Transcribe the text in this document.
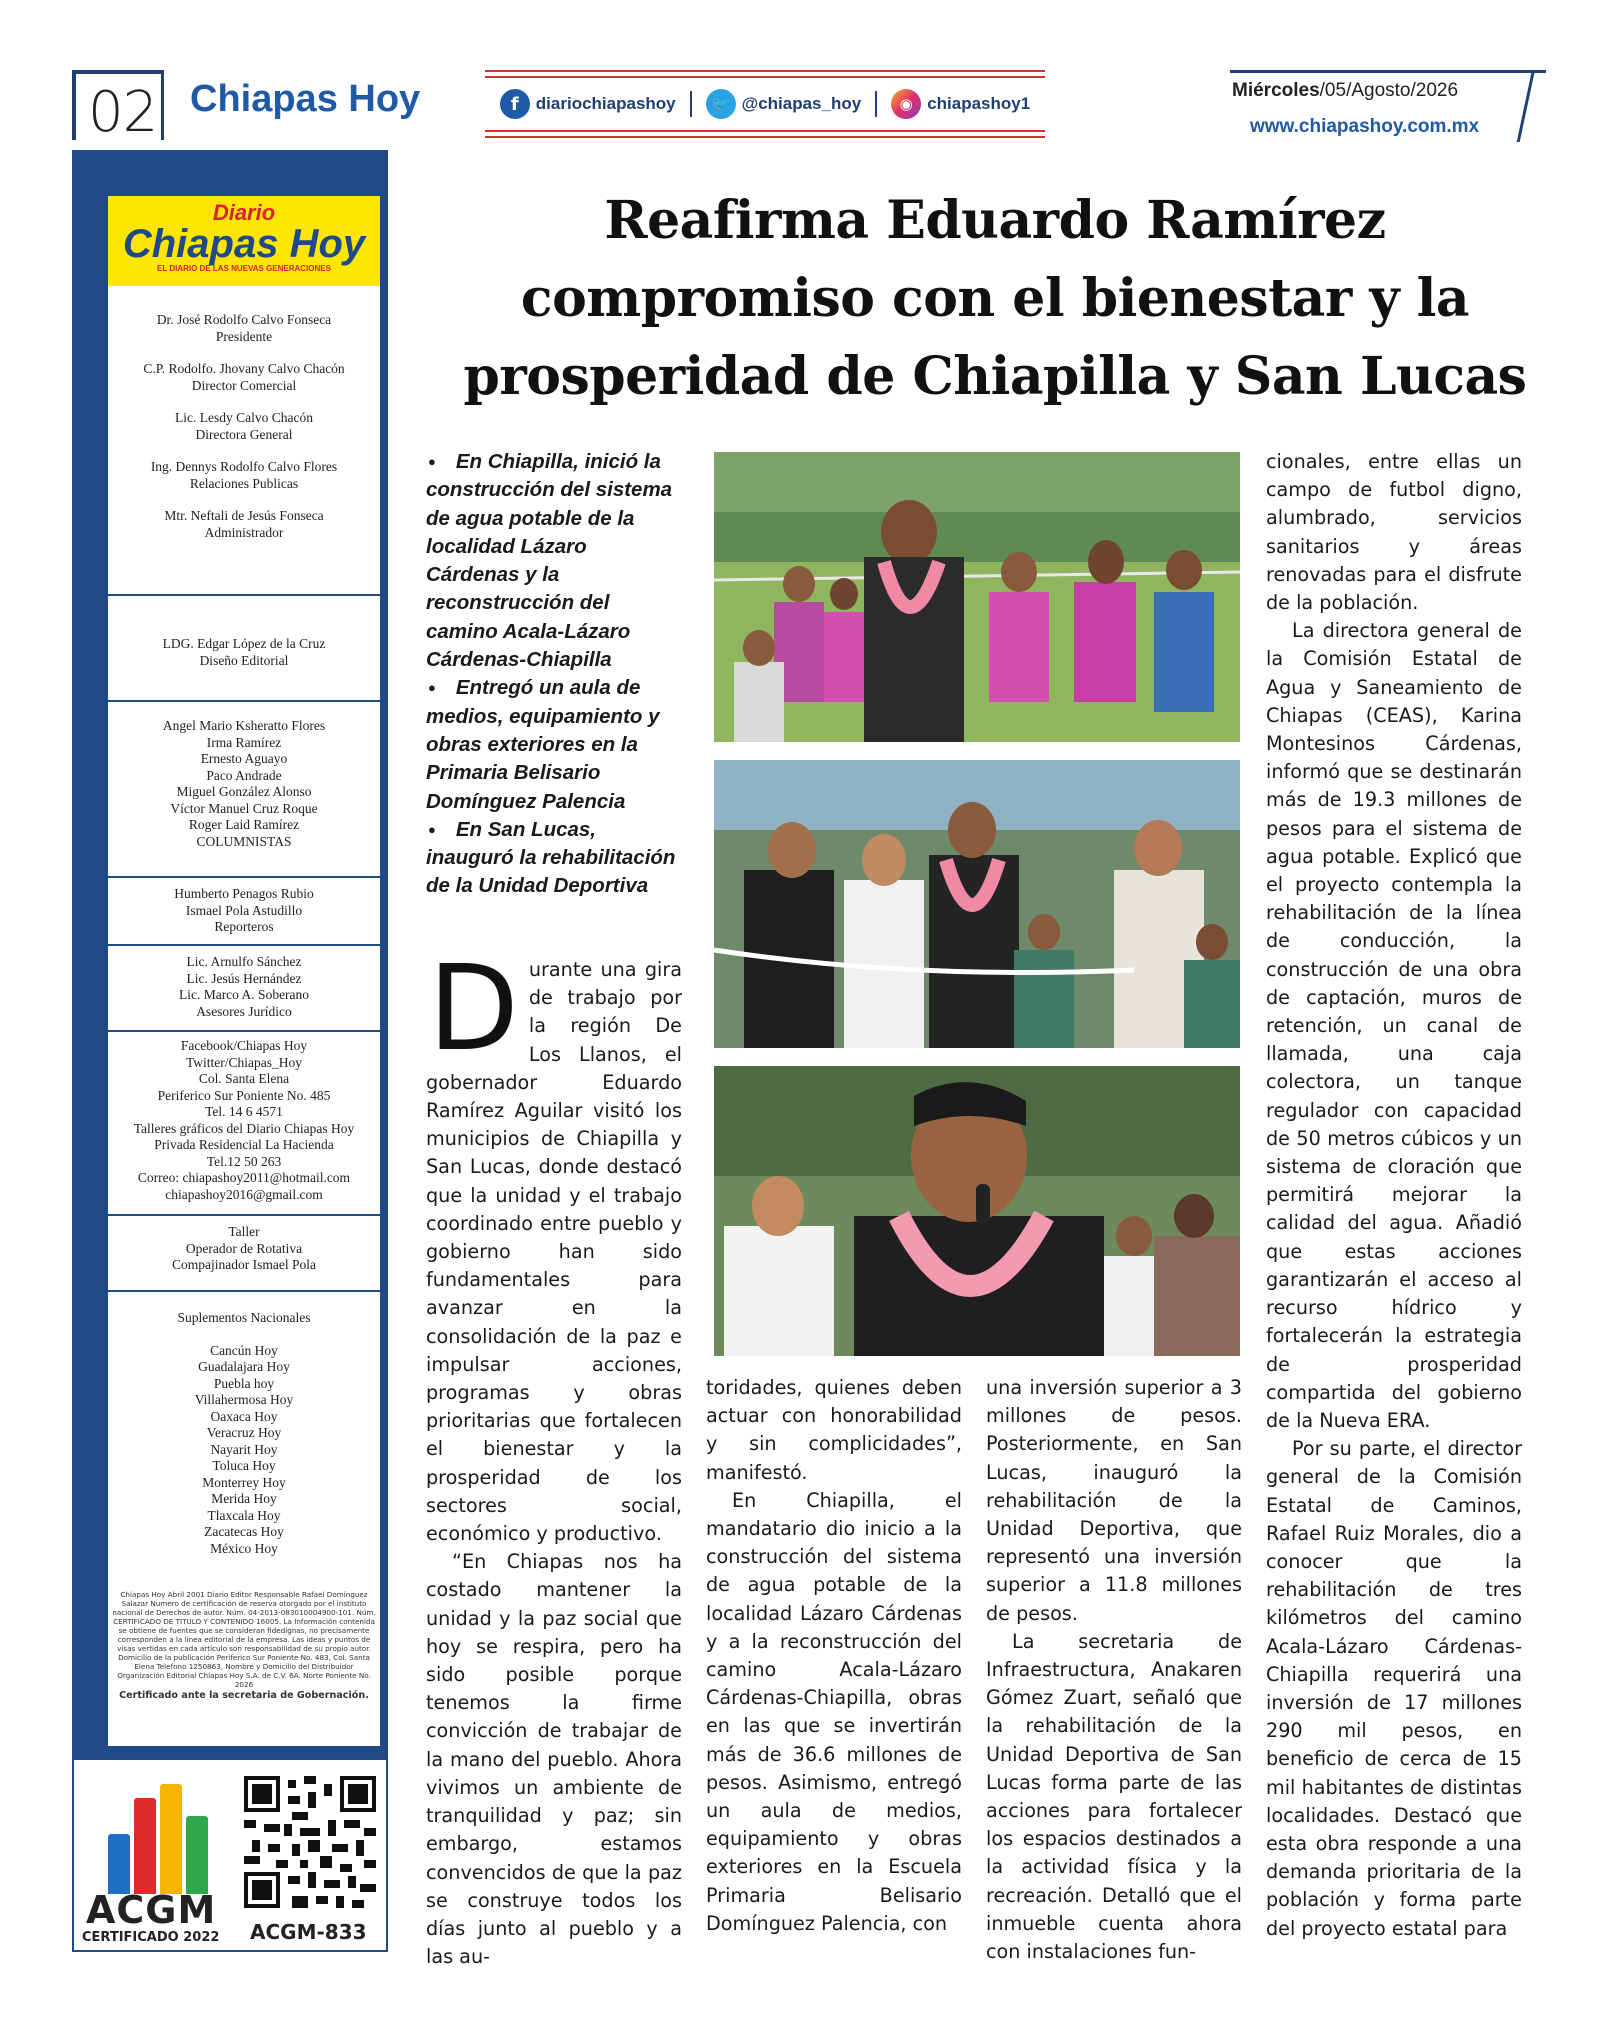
02 Chiapas Hoy	f	diariochiapashoy	🐦 @chiapas_hoy	◉ chiapashoy1
Miércoles/05/Agosto/2026
www.chiapashoy.com.mx
Diario
Chiapas Hoy
EL DIARIO DE LAS NUEVAS GENERACIONES
Dr. José Rodolfo Calvo Fonseca
Presidente
C.P. Rodolfo. Jhovany Calvo Chacón
Director Comercial
Lic. Lesdy Calvo Chacón
Directora General
Ing. Dennys Rodolfo Calvo Flores
Relaciones Publicas
Mtr. Neftali de Jesús Fonseca
Administrador
LDG. Edgar López de la Cruz
Diseño Editorial
Angel Mario Ksheratto Flores
Irma Ramírez
Ernesto Aguayo
Paco Andrade
Miguel González Alonso
Víctor Manuel Cruz Roque
Roger Laid Ramírez
COLUMNISTAS
Humberto Penagos Rubio
Ismael Pola Astudillo
Reporteros
Lic. Arnulfo Sánchez
Lic. Jesús Hernández
Lic. Marco A. Soberano
Asesores Jurídico
Facebook/Chiapas Hoy
Twitter/Chiapas_Hoy
Col. Santa Elena
Periferico Sur Poniente No. 485
Tel. 14 6 4571
Talleres gráficos del Diario Chiapas Hoy
Privada Residencial La Hacienda
Tel.12 50 263
Correo: chiapashoy2011@hotmail.com
chiapashoy2016@gmail.com
Taller
Operador de Rotativa
Compajinador Ismael Pola
Suplementos Nacionales
Cancún Hoy
Guadalajara Hoy
Puebla hoy
Villahermosa Hoy
Oaxaca Hoy
Veracruz Hoy
Nayarit Hoy
Toluca Hoy
Monterrey Hoy
Merida Hoy
Tlaxcala Hoy
Zacatecas Hoy
México Hoy
Chiapas Hoy Abril 2001 Diario Editor Responsable Rafael Domínguez Salazar Numero de certificación de reserva otorgado por el instituto nacional de Derechos de autor. Núm. 04-2013-083010004900-101. Núm. CERTIFICADO DE TITULO Y CONTENIDO 16005. La Información contenida se obtiene de fuentes que se consideran fidedignas, no precisamente corresponden a la línea editorial de la empresa. Las ideas y puntos de visas vertidas en cada artículo son responsabilidad de su propio autor. Domicilio de la publicación Periferico Sur Poniente No. 483, Col. Santa Elena Telefono 1250863, Nombre y Domicilio del Distribuidor Organización Editorial Chiapas Hoy S.A. de C.V. 6A. Norte Poniente No. 2026
Certificado ante la secretaria de Gobernación.
ACGM
CERTIFICADO 2022 ACGM-833
Reafirma Eduardo Ramírez compromiso con el bienestar y la prosperidad de Chiapilla y San Lucas
● En Chiapilla, inició la construcción del sistema de agua potable de la localidad Lázaro Cárdenas y la reconstrucción del camino Acala-Lázaro Cárdenas-Chiapilla
● Entregó un aula de medios, equipamiento y obras exteriores en la Primaria Belisario Domínguez Palencia
● En San Lucas, inauguró la rehabilitación de la Unidad Deportiva

Durante una gira de trabajo por la región De Los Llanos, el gobernador Eduardo Ramírez Aguilar visitó los municipios de Chiapilla y San Lucas, donde destacó que la unidad y el trabajo coordinado entre pueblo y gobierno han sido fundamentales para avanzar en la consolidación de la paz e impulsar acciones, programas y obras prioritarias que fortalecen el bienestar y la prosperidad de los sectores social, económico y productivo.

“En Chiapas nos ha costado mantener la unidad y la paz social que hoy se respira, pero ha sido posible porque tenemos la firme convicción de trabajar de la mano del pueblo. Ahora vivimos un ambiente de tranquilidad y paz; sin embargo, estamos convencidos de que la paz se construye todos los días junto al pueblo y a las au-

toridades, quienes deben actuar con honorabilidad y sin complicidades”, manifestó.

En Chiapilla, el mandatario dio inicio a la construcción del sistema de agua potable de la localidad Lázaro Cárdenas y a la reconstrucción del camino Acala-Lázaro Cárdenas-Chiapilla, obras en las que se invertirán más de 36.6 millones de pesos. Asimismo, entregó un aula de medios, equipamiento y obras exteriores en la Escuela Primaria Belisario Domínguez Palencia, con

una inversión superior a 3 millones de pesos. Posteriormente, en San Lucas, inauguró la rehabilitación de la Unidad Deportiva, que representó una inversión superior a 11.8 millones de pesos.

La secretaria de Infraestructura, Anakaren Gómez Zuart, señaló que la rehabilitación de la Unidad Deportiva de San Lucas forma parte de las acciones para fortalecer los espacios destinados a la actividad física y la recreación. Detalló que el inmueble cuenta ahora con instalaciones fun-

cionales, entre ellas un campo de futbol digno, alumbrado, servicios sanitarios y áreas renovadas para el disfrute de la población.

La directora general de la Comisión Estatal de Agua y Saneamiento de Chiapas (CEAS), Karina Montesinos Cárdenas, informó que se destinarán más de 19.3 millones de pesos para el sistema de agua potable. Explicó que el proyecto contempla la rehabilitación de la línea de conducción, la construcción de una obra de captación, muros de retención, un canal de llamada, una caja colectora, un tanque regulador con capacidad de 50 metros cúbicos y un sistema de cloración que permitirá mejorar la calidad del agua. Añadió que estas acciones garantizarán el acceso al recurso hídrico y fortalecerán la estrategia de prosperidad compartida del gobierno de la Nueva ERA.

Por su parte, el director general de la Comisión Estatal de Caminos, Rafael Ruiz Morales, dio a conocer que la rehabilitación de tres kilómetros del camino Acala-Lázaro Cárdenas-Chiapilla requerirá una inversión de 17 millones 290 mil pesos, en beneficio de cerca de 15 mil habitantes de distintas localidades. Destacó que esta obra responde a una demanda prioritaria de la población y forma parte del proyecto estatal para
